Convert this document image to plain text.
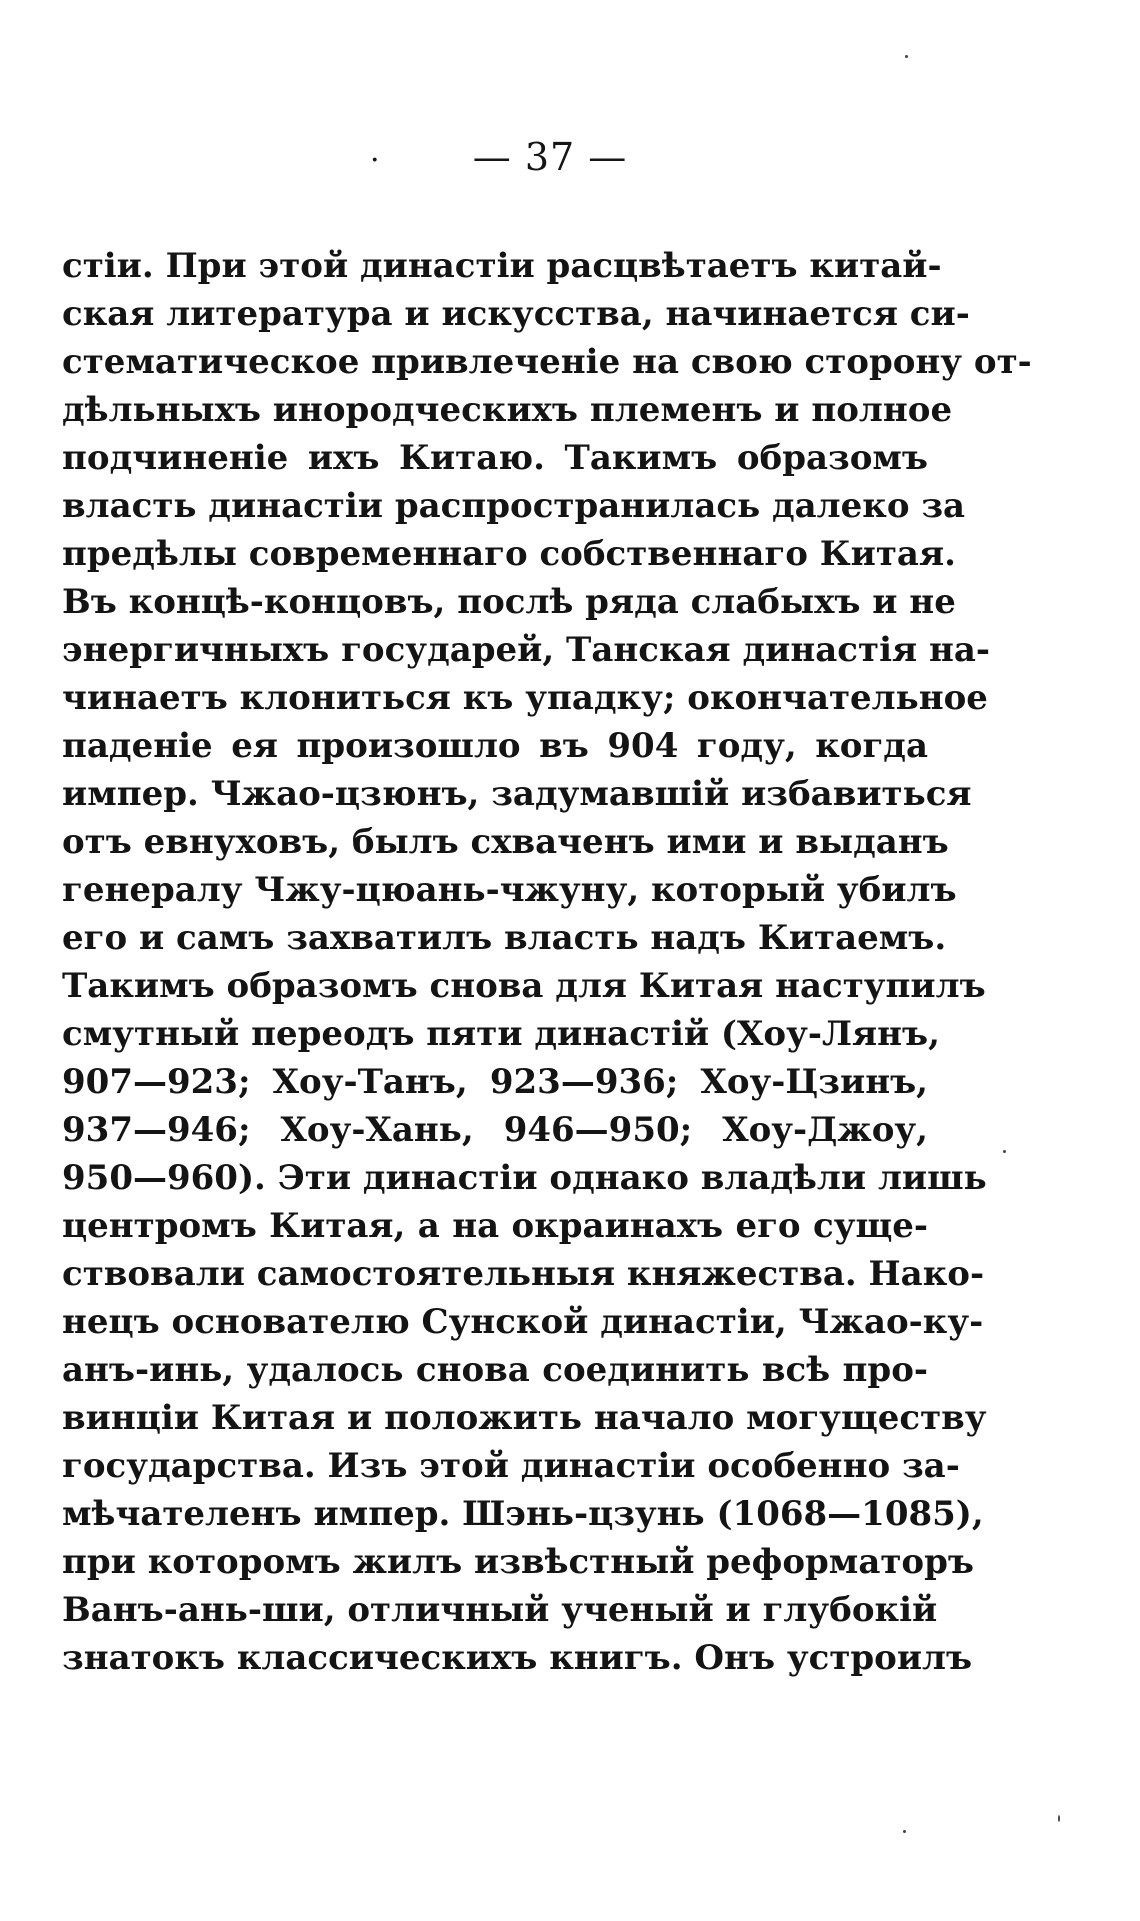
· — 37 —
стіи. При этой династіи расцвѣтаетъ китай-
ская литература и искусства, начинается си-
стематическое привлеченіе на свою сторону от-
дѣльныхъ инородческихъ племенъ и полное
подчиненіе ихъ Китаю. Такимъ образомъ
власть династіи распространилась далеко за
предѣлы современнаго собственнаго Китая.
Въ концѣ-концовъ, послѣ ряда слабыхъ и не
энергичныхъ государей, Танская династія на-
чинаетъ клониться къ упадку; окончательное
паденіе ея произошло въ 904 году, когда
импер. Чжао-цзюнъ, задумавшій избавиться
отъ евнуховъ, былъ схваченъ ими и выданъ
генералу Чжу-цюань-чжуну, который убилъ
его и самъ захватилъ власть надъ Китаемъ.
Такимъ образомъ снова для Китая наступилъ
смутный переодъ пяти династій (Хоу-Лянъ,
907—923; Хоу-Танъ, 923—936; Хоу-Цзинъ,
937—946; Хоу-Хань, 946—950; Хоу-Джоу,
950—960). Эти династіи однако владѣли лишь
центромъ Китая, а на окраинахъ его суще-
ствовали самостоятельныя княжества. Нако-
нецъ основателю Сунской династіи, Чжао-ку-
анъ-инь, удалось снова соединить всѣ про-
винціи Китая и положить начало могуществу
государства. Изъ этой династіи особенно за-
мѣчателенъ импер. Шэнь-цзунь (1068—1085),
при которомъ жилъ извѣстный реформаторъ
Ванъ-ань-ши, отличный ученый и глубокій
знатокъ классическихъ книгъ. Онъ устроилъ
